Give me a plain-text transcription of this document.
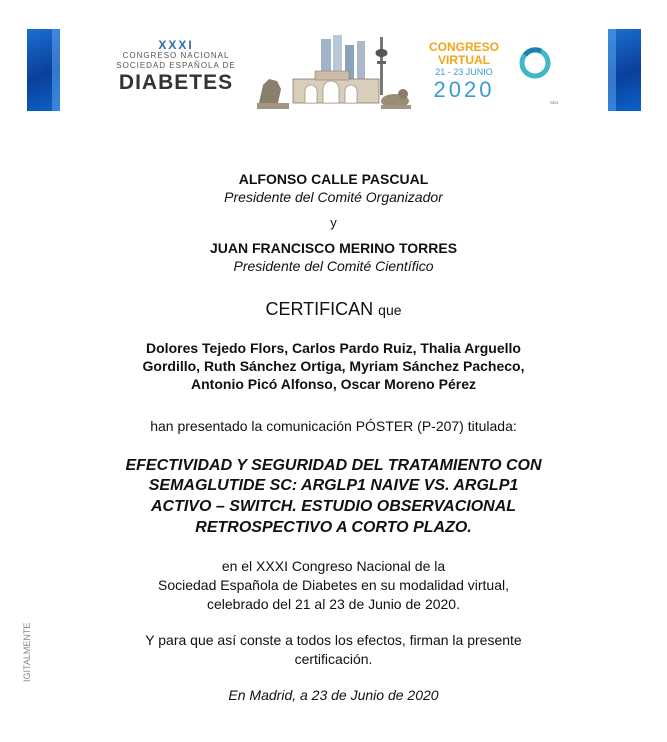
XXXI
CONGRESO NACIONAL
SOCIEDAD ESPAÑOLA DE
DIABETES
CONGRESO
VIRTUAL
21 - 23 JUNIO
2020
SED
ALFONSO CALLE PASCUAL
Presidente del Comité Organizador
y
JUAN FRANCISCO MERINO TORRES
Presidente del Comité Científico
CERTIFICAN que
Dolores Tejedo Flors, Carlos Pardo Ruiz, Thalia Arguello
Gordillo, Ruth Sánchez Ortiga, Myriam Sánchez Pacheco,
Antonio Picó Alfonso, Oscar Moreno Pérez
han presentado la comunicación PÓSTER (P-207) titulada:
EFECTIVIDAD Y SEGURIDAD DEL TRATAMIENTO CON
SEMAGLUTIDE SC: ARGLP1 NAIVE VS. ARGLP1
ACTIVO – SWITCH. ESTUDIO OBSERVACIONAL
RETROSPECTIVO A CORTO PLAZO.
en el XXXI Congreso Nacional de la
Sociedad Española de Diabetes en su modalidad virtual,
celebrado del 21 al 23 de Junio de 2020.
Y para que así conste a todos los efectos, firman la presente
certificación.
En Madrid, a 23 de Junio de 2020
IGITALMENTE
